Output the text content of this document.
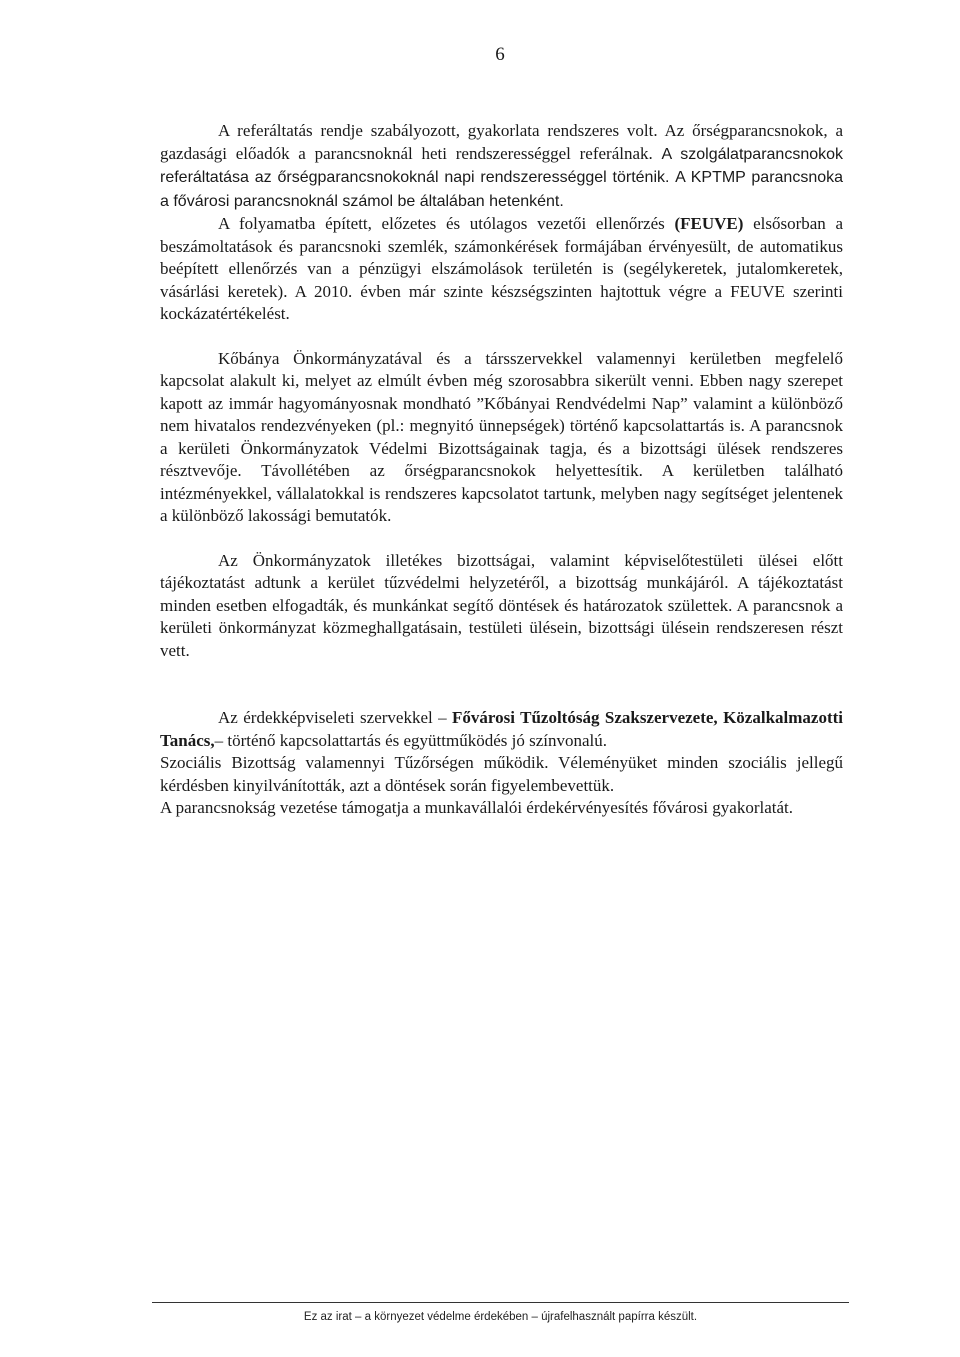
6

A referáltatás rendje szabályozott, gyakorlata rendszeres volt. Az őrségparancsnokok, a gazdasági előadók a parancsnoknál heti rendszerességgel referálnak. A szolgálatparancsnokok referáltatása az őrségparancsnokoknál napi rendszerességgel történik. A KPTMP parancsnoka a fővárosi parancsnoknál számol be általában hetenként.

A folyamatba épített, előzetes és utólagos vezetői ellenőrzés (FEUVE) elsősorban a beszámoltatások és parancsnoki szemlék, számonkérések formájában érvényesült, de automatikus beépített ellenőrzés van a pénzügyi elszámolások területén is (segélykeretek, jutalomkeretek, vásárlási keretek). A 2010. évben már szinte készségszinten hajtottuk végre a FEUVE szerinti kockázatértékelést.

Kőbánya Önkormányzatával és a társszervekkel valamennyi kerületben megfelelő kapcsolat alakult ki, melyet az elmúlt évben még szorosabbra sikerült venni. Ebben nagy szerepet kapott az immár hagyományosnak mondható ”Kőbányai Rendvédelmi Nap” valamint a különböző nem hivatalos rendezvényeken (pl.: megnyitó ünnepségek) történő kapcsolattartás is. A parancsnok a kerületi Önkormányzatok Védelmi Bizottságainak tagja, és a bizottsági ülések rendszeres résztvevője. Távollétében az őrségparancsnokok helyettesítik. A kerületben található intézményekkel, vállalatokkal is rendszeres kapcsolatot tartunk, melyben nagy segítséget jelentenek a különböző lakossági bemutatók.

Az Önkormányzatok illetékes bizottságai, valamint képviselőtestületi ülései előtt tájékoztatást adtunk a kerület tűzvédelmi helyzetéről, a bizottság munkájáról. A tájékoztatást minden esetben elfogadták, és munkánkat segítő döntések és határozatok születtek. A parancsnok a kerületi önkormányzat közmeghallgatásain, testületi ülésein, bizottsági ülésein rendszeresen részt vett.

Az érdekképviseleti szervekkel – Fővárosi Tűzoltóság Szakszervezete, Közalkalmazotti Tanács,– történő kapcsolattartás és együttműködés jó színvonalú.

Szociális Bizottság valamennyi Tűzőrségen működik. Véleményüket minden szociális jellegű kérdésben kinyilvánították, azt a döntések során figyelembevettük.

A parancsnokság vezetése támogatja a munkavállalói érdekérvényesítés fővárosi gyakorlatát.

Ez az irat – a környezet védelme érdekében – újrafelhasznált papírra készült.
